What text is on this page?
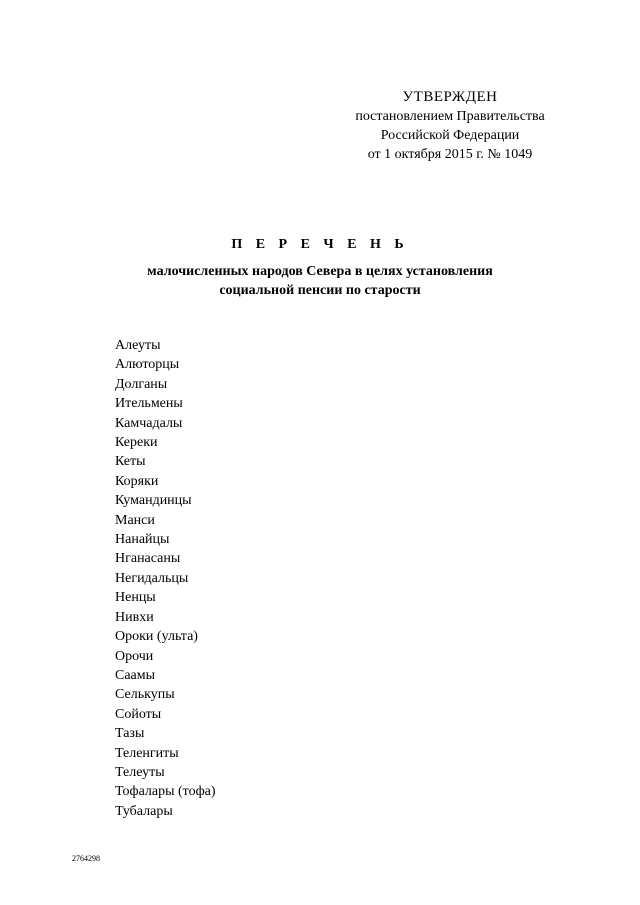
УТВЕРЖДЕН
постановлением Правительства
Российской Федерации
от 1 октября 2015 г. № 1049
П Е Р Е Ч Е Н Ь
малочисленных народов Севера в целях установления
социальной пенсии по старости
Алеуты
Алюторцы
Долганы
Ительмены
Камчадалы
Кереки
Кеты
Коряки
Кумандинцы
Манси
Нанайцы
Нганасаны
Негидальцы
Ненцы
Нивхи
Ороки (ульта)
Орочи
Саамы
Селькупы
Сойоты
Тазы
Теленгиты
Телеуты
Тофалары (тофа)
Тубалары
2764298
